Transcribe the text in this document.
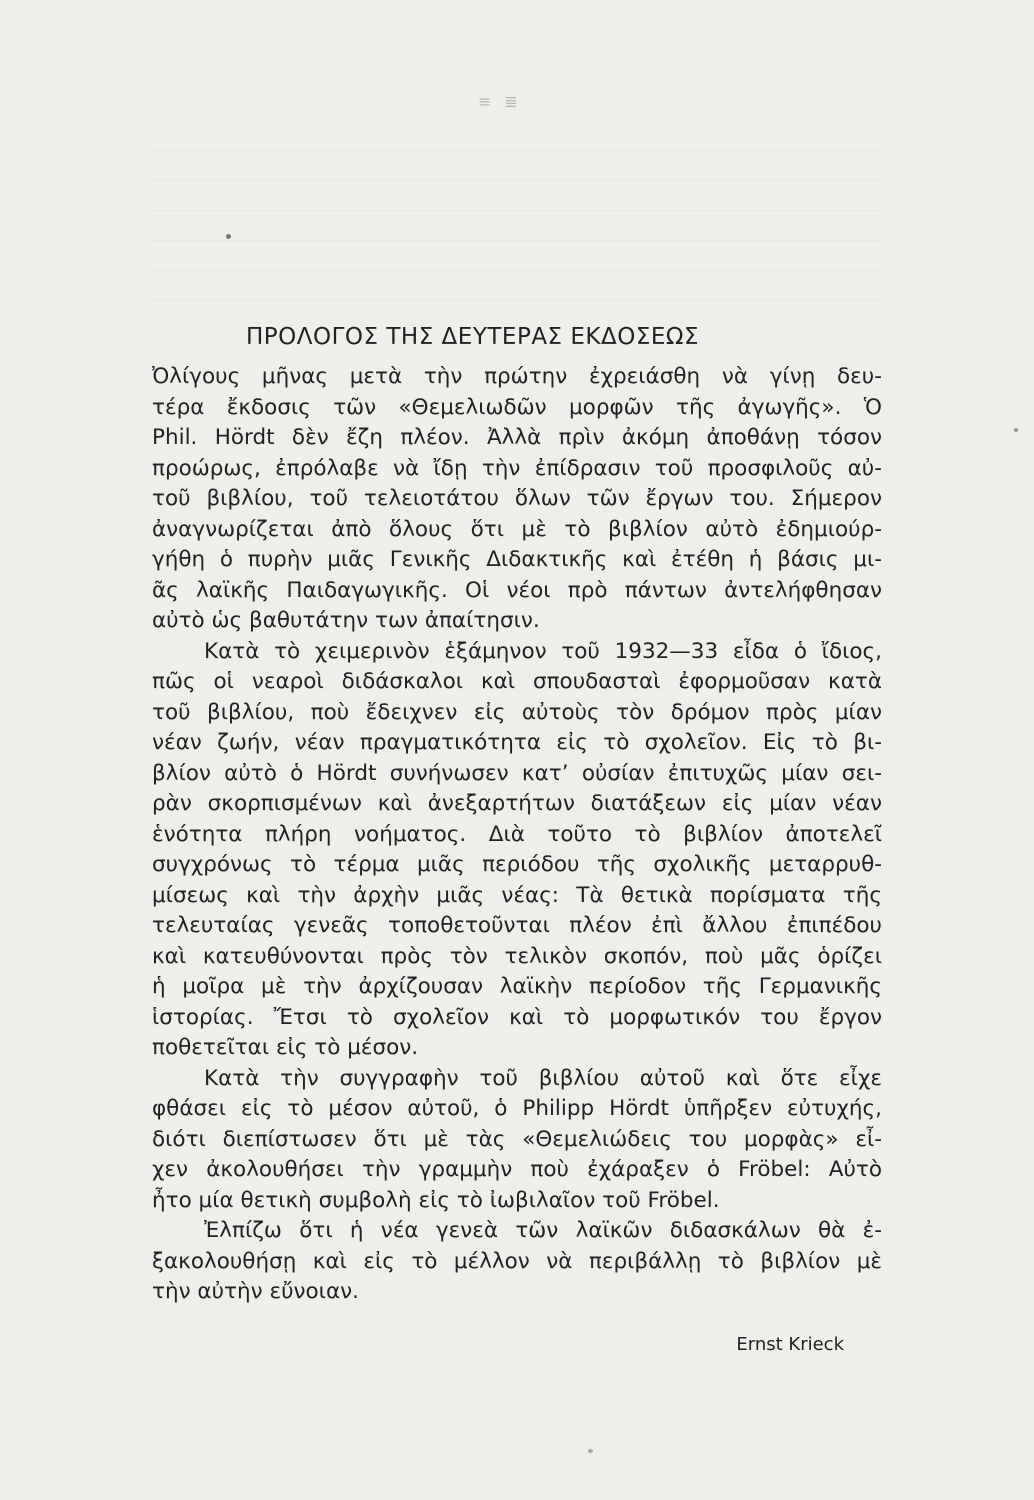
≡ ≣
ΠΡΟΛΟΓΟΣ ΤΗΣ ΔΕΥΤΕΡΑΣ ΕΚΔΟΣΕΩΣ
Ὀλίγους μῆνας μετὰ τὴν πρώτην ἐχρειάσθη νὰ γίνῃ δευ-
τέρα ἔκδοσις τῶν «Θεμελιωδῶν μορφῶν τῆς ἀγωγῆς». Ὁ
Phil. Hördt δὲν ἔζη πλέον. Ἀλλὰ πρὶν ἀκόμη ἀποθάνῃ τόσον
προώρως, ἐπρόλαβε νὰ ἴδῃ τὴν ἐπίδρασιν τοῦ προσφιλοῦς αὐ-
τοῦ βιβλίου, τοῦ τελειοτάτου ὅλων τῶν ἔργων του. Σήμερον
ἀναγνωρίζεται ἀπὸ ὅλους ὅτι μὲ τὸ βιβλίον αὐτὸ ἐδημιούρ-
γήθη ὁ πυρὴν μιᾶς Γενικῆς Διδακτικῆς καὶ ἐτέθη ἡ βάσις μι-
ᾶς λαϊκῆς Παιδαγωγικῆς. Οἱ νέοι πρὸ πάντων ἀντελήφθησαν
αὐτὸ ὡς βαθυτάτην των ἀπαίτησιν.
Κατὰ τὸ χειμερινὸν ἑξάμηνον τοῦ 1932—33 εἶδα ὁ ἴδιος,
πῶς οἱ νεαροὶ διδάσκαλοι καὶ σπουδασταὶ ἐφορμοῦσαν κατὰ
τοῦ βιβλίου, ποὺ ἔδειχνεν εἰς αὐτοὺς τὸν δρόμον πρὸς μίαν
νέαν ζωήν, νέαν πραγματικότητα εἰς τὸ σχολεῖον. Εἰς τὸ βι-
βλίον αὐτὸ ὁ Hördt συνήνωσεν κατ’ οὐσίαν ἐπιτυχῶς μίαν σει-
ρὰν σκορπισμένων καὶ ἀνεξαρτήτων διατάξεων εἰς μίαν νέαν
ἑνότητα πλήρη νοήματος. Διὰ τοῦτο τὸ βιβλίον ἀποτελεῖ
συγχρόνως τὸ τέρμα μιᾶς περιόδου τῆς σχολικῆς μεταρρυθ-
μίσεως καὶ τὴν ἀρχὴν μιᾶς νέας: Τὰ θετικὰ πορίσματα τῆς
τελευταίας γενεᾶς τοποθετοῦνται πλέον ἐπὶ ἄλλου ἐπιπέδου
καὶ κατευθύνονται πρὸς τὸν τελικὸν σκοπόν, ποὺ μᾶς ὁρίζει
ἡ μοῖρα μὲ τὴν ἀρχίζουσαν λαϊκὴν περίοδον τῆς Γερμανικῆς
ἱστορίας. Ἔτσι τὸ σχολεῖον καὶ τὸ μορφωτικόν του ἔργον
ποθετεῖται εἰς τὸ μέσον.
Κατὰ τὴν συγγραφὴν τοῦ βιβλίου αὐτοῦ καὶ ὅτε εἶχε
φθάσει εἰς τὸ μέσον αὐτοῦ, ὁ Philipp Hördt ὑπῆρξεν εὐτυχής,
διότι διεπίστωσεν ὅτι μὲ τὰς «Θεμελιώδεις του μορφὰς» εἶ-
χεν ἀκολουθήσει τὴν γραμμὴν ποὺ ἐχάραξεν ὁ Fröbel: Αὐτὸ
ἦτο μία θετικὴ συμβολὴ εἰς τὸ ἰωβιλαῖον τοῦ Fröbel.
Ἐλπίζω ὅτι ἡ νέα γενεὰ τῶν λαϊκῶν διδασκάλων θὰ ἐ-
ξακολουθήσῃ καὶ εἰς τὸ μέλλον νὰ περιβάλλῃ τὸ βιβλίον μὲ
τὴν αὐτὴν εὔνοιαν.
Ernst Krieck
